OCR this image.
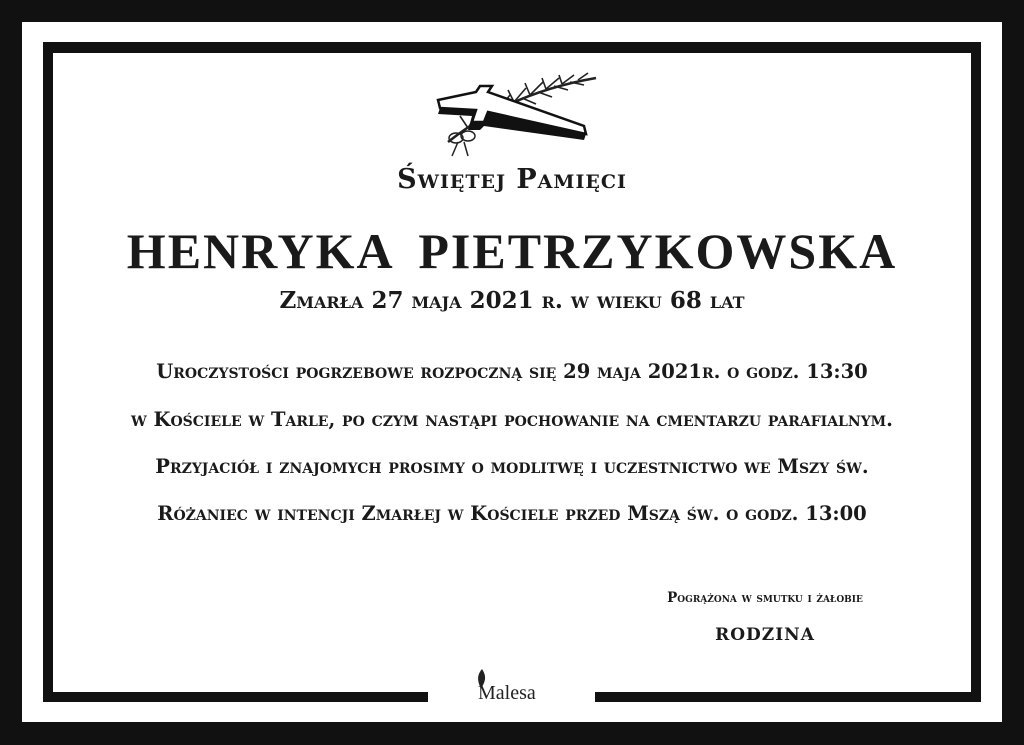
Świętej Pamięci
HENRYKA PIETRZYKOWSKA
Zmarła 27 maja 2021 r. w wieku 68 lat
Uroczystości pogrzebowe rozpoczną się 29 maja 2021r. o godz. 13:30
w Kościele w Tarle, po czym nastąpi pochowanie na cmentarzu parafialnym.
Przyjaciół i znajomych prosimy o modlitwę i uczestnictwo we Mszy św.
Różaniec w intencji Zmarłej w Kościele przed Mszą św. o godz. 13:00
Pogrążona w smutku i żałobie
RODZINA
Malesa
